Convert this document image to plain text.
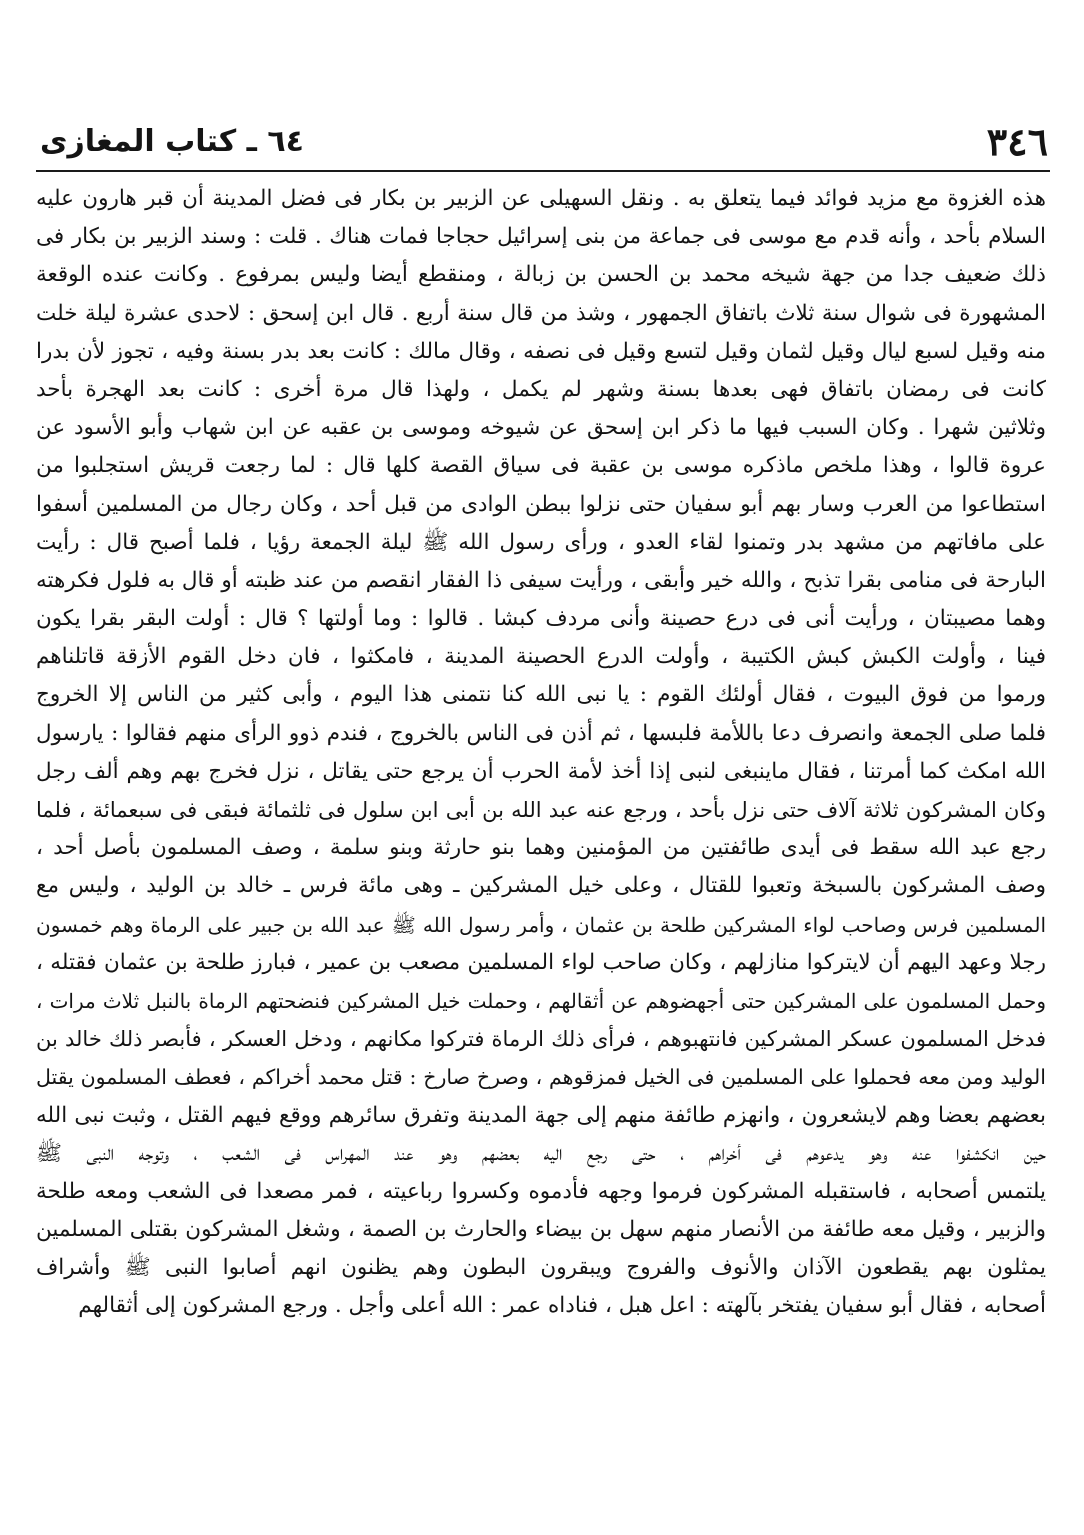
٣٤٦
٦٤ ـ كتاب المغازى
هذه الغزوة مع مزيد فوائد فيما يتعلق به . ونقل السهيلى عن الزبير بن بكار فى فضل المدينة أن قبر هارون عليه
السلام بأحد ، وأنه قدم مع موسى فى جماعة من بنى إسرائيل حجاجا فمات هناك . قلت : وسند الزبير بن بكار فى
ذلك ضعيف جدا من جهة شيخه محمد بن الحسن بن زبالة ، ومنقطع أيضا وليس بمرفوع . وكانت عنده الوقعة
المشهورة فى شوال سنة ثلاث باتفاق الجمهور ، وشذ من قال سنة أربع . قال ابن إسحق : لاحدى عشرة ليلة خلت
منه وقيل لسبع ليال وقيل لثمان وقيل لتسع وقيل فى نصفه ، وقال مالك : كانت بعد بدر بسنة وفيه ، تجوز لأن بدرا
كانت فى رمضان باتفاق فهى بعدها بسنة وشهر لم يكمل ، ولهذا قال مرة أخرى : كانت بعد الهجرة بأحد
وثلاثين شهرا . وكان السبب فيها ما ذكر ابن إسحق عن شيوخه وموسى بن عقبه عن ابن شهاب وأبو الأسود عن
عروة قالوا ، وهذا ملخص ماذكره موسى بن عقبة فى سياق القصة كلها قال : لما رجعت قريش استجلبوا من
استطاعوا من العرب وسار بهم أبو سفيان حتى نزلوا ببطن الوادى من قبل أحد ، وكان رجال من المسلمين أسفوا
على مافاتهم من مشهد بدر وتمنوا لقاء العدو ، ورأى رسول الله ﷺ ليلة الجمعة رؤيا ، فلما أصبح قال : رأيت
البارحة فى منامى بقرا تذبح ، والله خير وأبقى ، ورأيت سيفى ذا الفقار انقصم من عند ظبته أو قال به فلول فكرهته
وهما مصيبتان ، ورأيت أنى فى درع حصينة وأنى مردف كبشا . قالوا : وما أولتها ؟ قال : أولت البقر بقرا يكون
فينا ، وأولت الكبش كبش الكتيبة ، وأولت الدرع الحصينة المدينة ، فامكثوا ، فان دخل القوم الأزقة قاتلناهم
ورموا من فوق البيوت ، فقال أولئك القوم : يا نبى الله كنا نتمنى هذا اليوم ، وأبى كثير من الناس إلا الخروج
فلما صلى الجمعة وانصرف دعا باللأمة فلبسها ، ثم أذن فى الناس بالخروج ، فندم ذوو الرأى منهم فقالوا : يارسول
الله امكث كما أمرتنا ، فقال ماينبغى لنبى إذا أخذ لأمة الحرب أن يرجع حتى يقاتل ، نزل فخرج بهم وهم ألف رجل
وكان المشركون ثلاثة آلاف حتى نزل بأحد ، ورجع عنه عبد الله بن أبى ابن سلول فى ثلثمائة فبقى فى سبعمائة ، فلما
رجع عبد الله سقط فى أيدى طائفتين من المؤمنين وهما بنو حارثة وبنو سلمة ، وصف المسلمون بأصل أحد ،
وصف المشركون بالسبخة وتعبوا للقتال ، وعلى خيل المشركين ـ وهى مائة فرس ـ خالد بن الوليد ، وليس مع
المسلمين فرس وصاحب لواء المشركين طلحة بن عثمان ، وأمر رسول الله ﷺ عبد الله بن جبير على الرماة وهم خمسون
رجلا وعهد اليهم أن لايتركوا منازلهم ، وكان صاحب لواء المسلمين مصعب بن عمير ، فبارز طلحة بن عثمان فقتله ،
وحمل المسلمون على المشركين حتى أجهضوهم عن أثقالهم ، وحملت خيل المشركين فنضحتهم الرماة بالنبل ثلاث مرات ،
فدخل المسلمون عسكر المشركين فانتهبوهم ، فرأى ذلك الرماة فتركوا مكانهم ، ودخل العسكر ، فأبصر ذلك خالد بن
الوليد ومن معه فحملوا على المسلمين فى الخيل فمزقوهم ، وصرخ صارخ : قتل محمد أخراكم ، فعطف المسلمون يقتل
بعضهم بعضا وهم لايشعرون ، وانهزم طائفة منهم إلى جهة المدينة وتفرق سائرهم ووقع فيهم القتل ، وثبت نبى الله
حين انكشفوا عنه وهو يدعوهم فى أخراهم ، حتى رجع اليه بعضهم وهو عند المهراس فى الشعب ، وتوجه النبى ﷺ
يلتمس أصحابه ، فاستقبله المشركون فرموا وجهه فأدموه وكسروا رباعيته ، فمر مصعدا فى الشعب ومعه طلحة
والزبير ، وقيل معه طائفة من الأنصار منهم سهل بن بيضاء والحارث بن الصمة ، وشغل المشركون بقتلى المسلمين
يمثلون بهم يقطعون الآذان والأنوف والفروج ويبقرون البطون وهم يظنون انهم أصابوا النبى ﷺ وأشراف
أصحابه ، فقال أبو سفيان يفتخر بآلهته : اعل هبل ، فناداه عمر : الله أعلى وأجل . ورجع المشركون إلى أثقالهم
